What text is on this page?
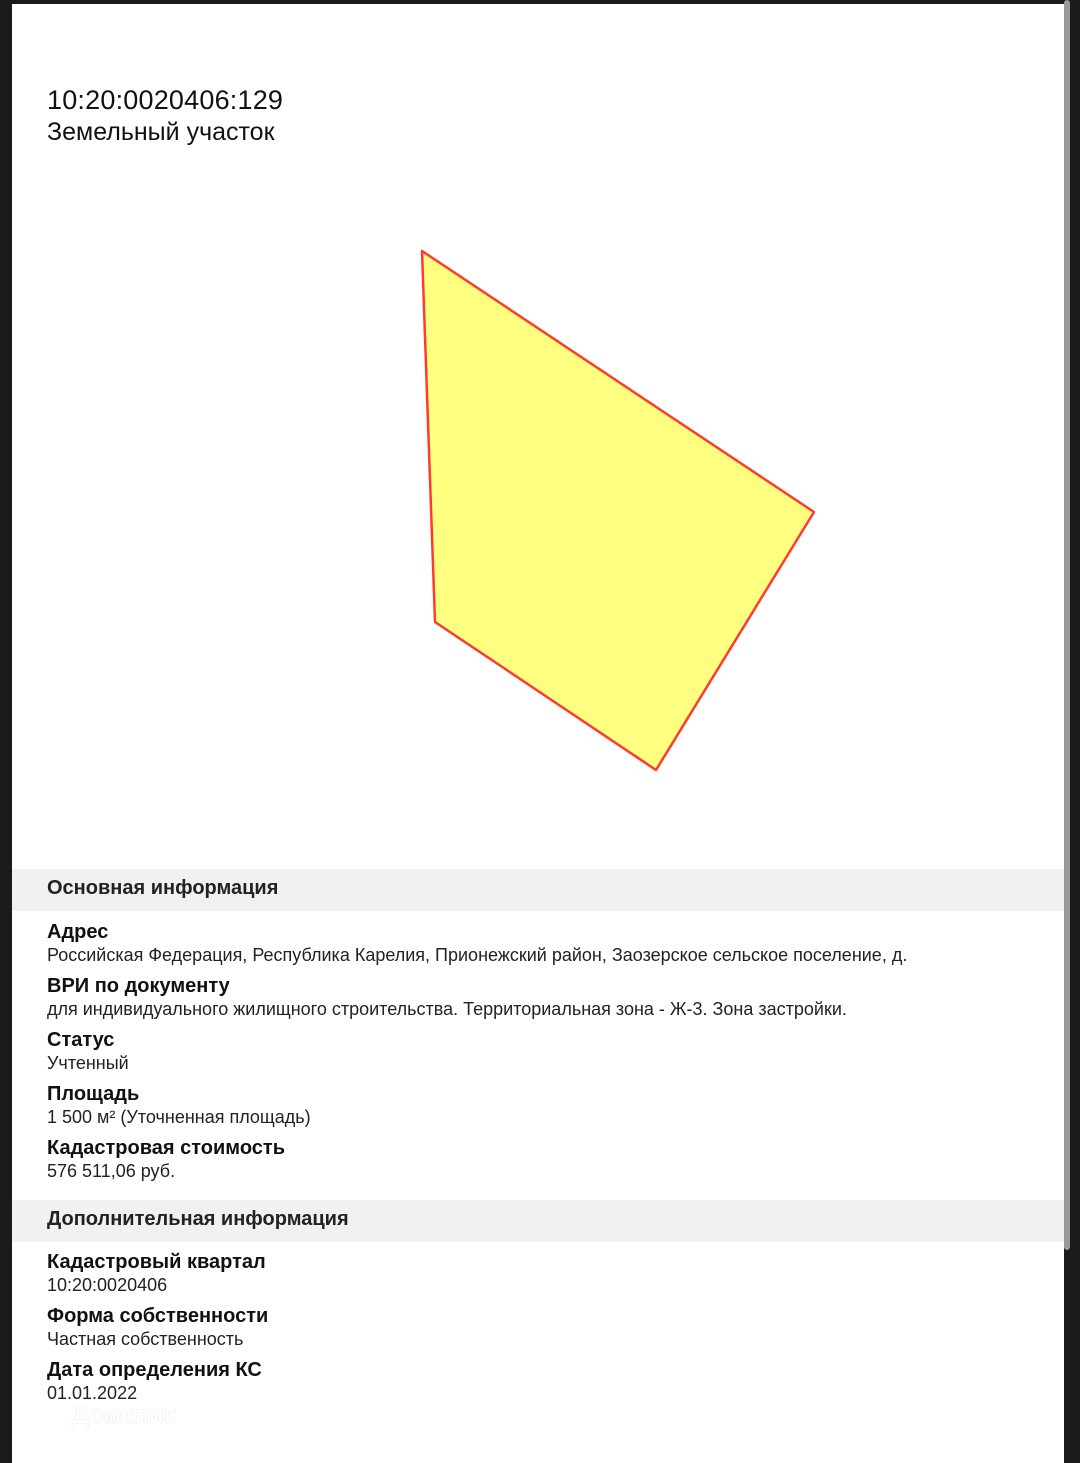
10:20:0020406:129
Земельный участок
Основная информация
Адрес
Российская Федерация, Республика Карелия, Прионежский район, Заозерское сельское поселение, д.
ВРИ по документу
для индивидуального жилищного строительства. Территориальная зона - Ж-3. Зона застройки.
Статус
Учтенный
Площадь
1 500 м² (Уточненная площадь)
Кадастровая стоимость
576 511,06 руб.
Дополнительная информация
Кадастровый квартал
10:20:0020406
Форма собственности
Частная собственность
Дата определения КС
01.01.2022
Домклик
